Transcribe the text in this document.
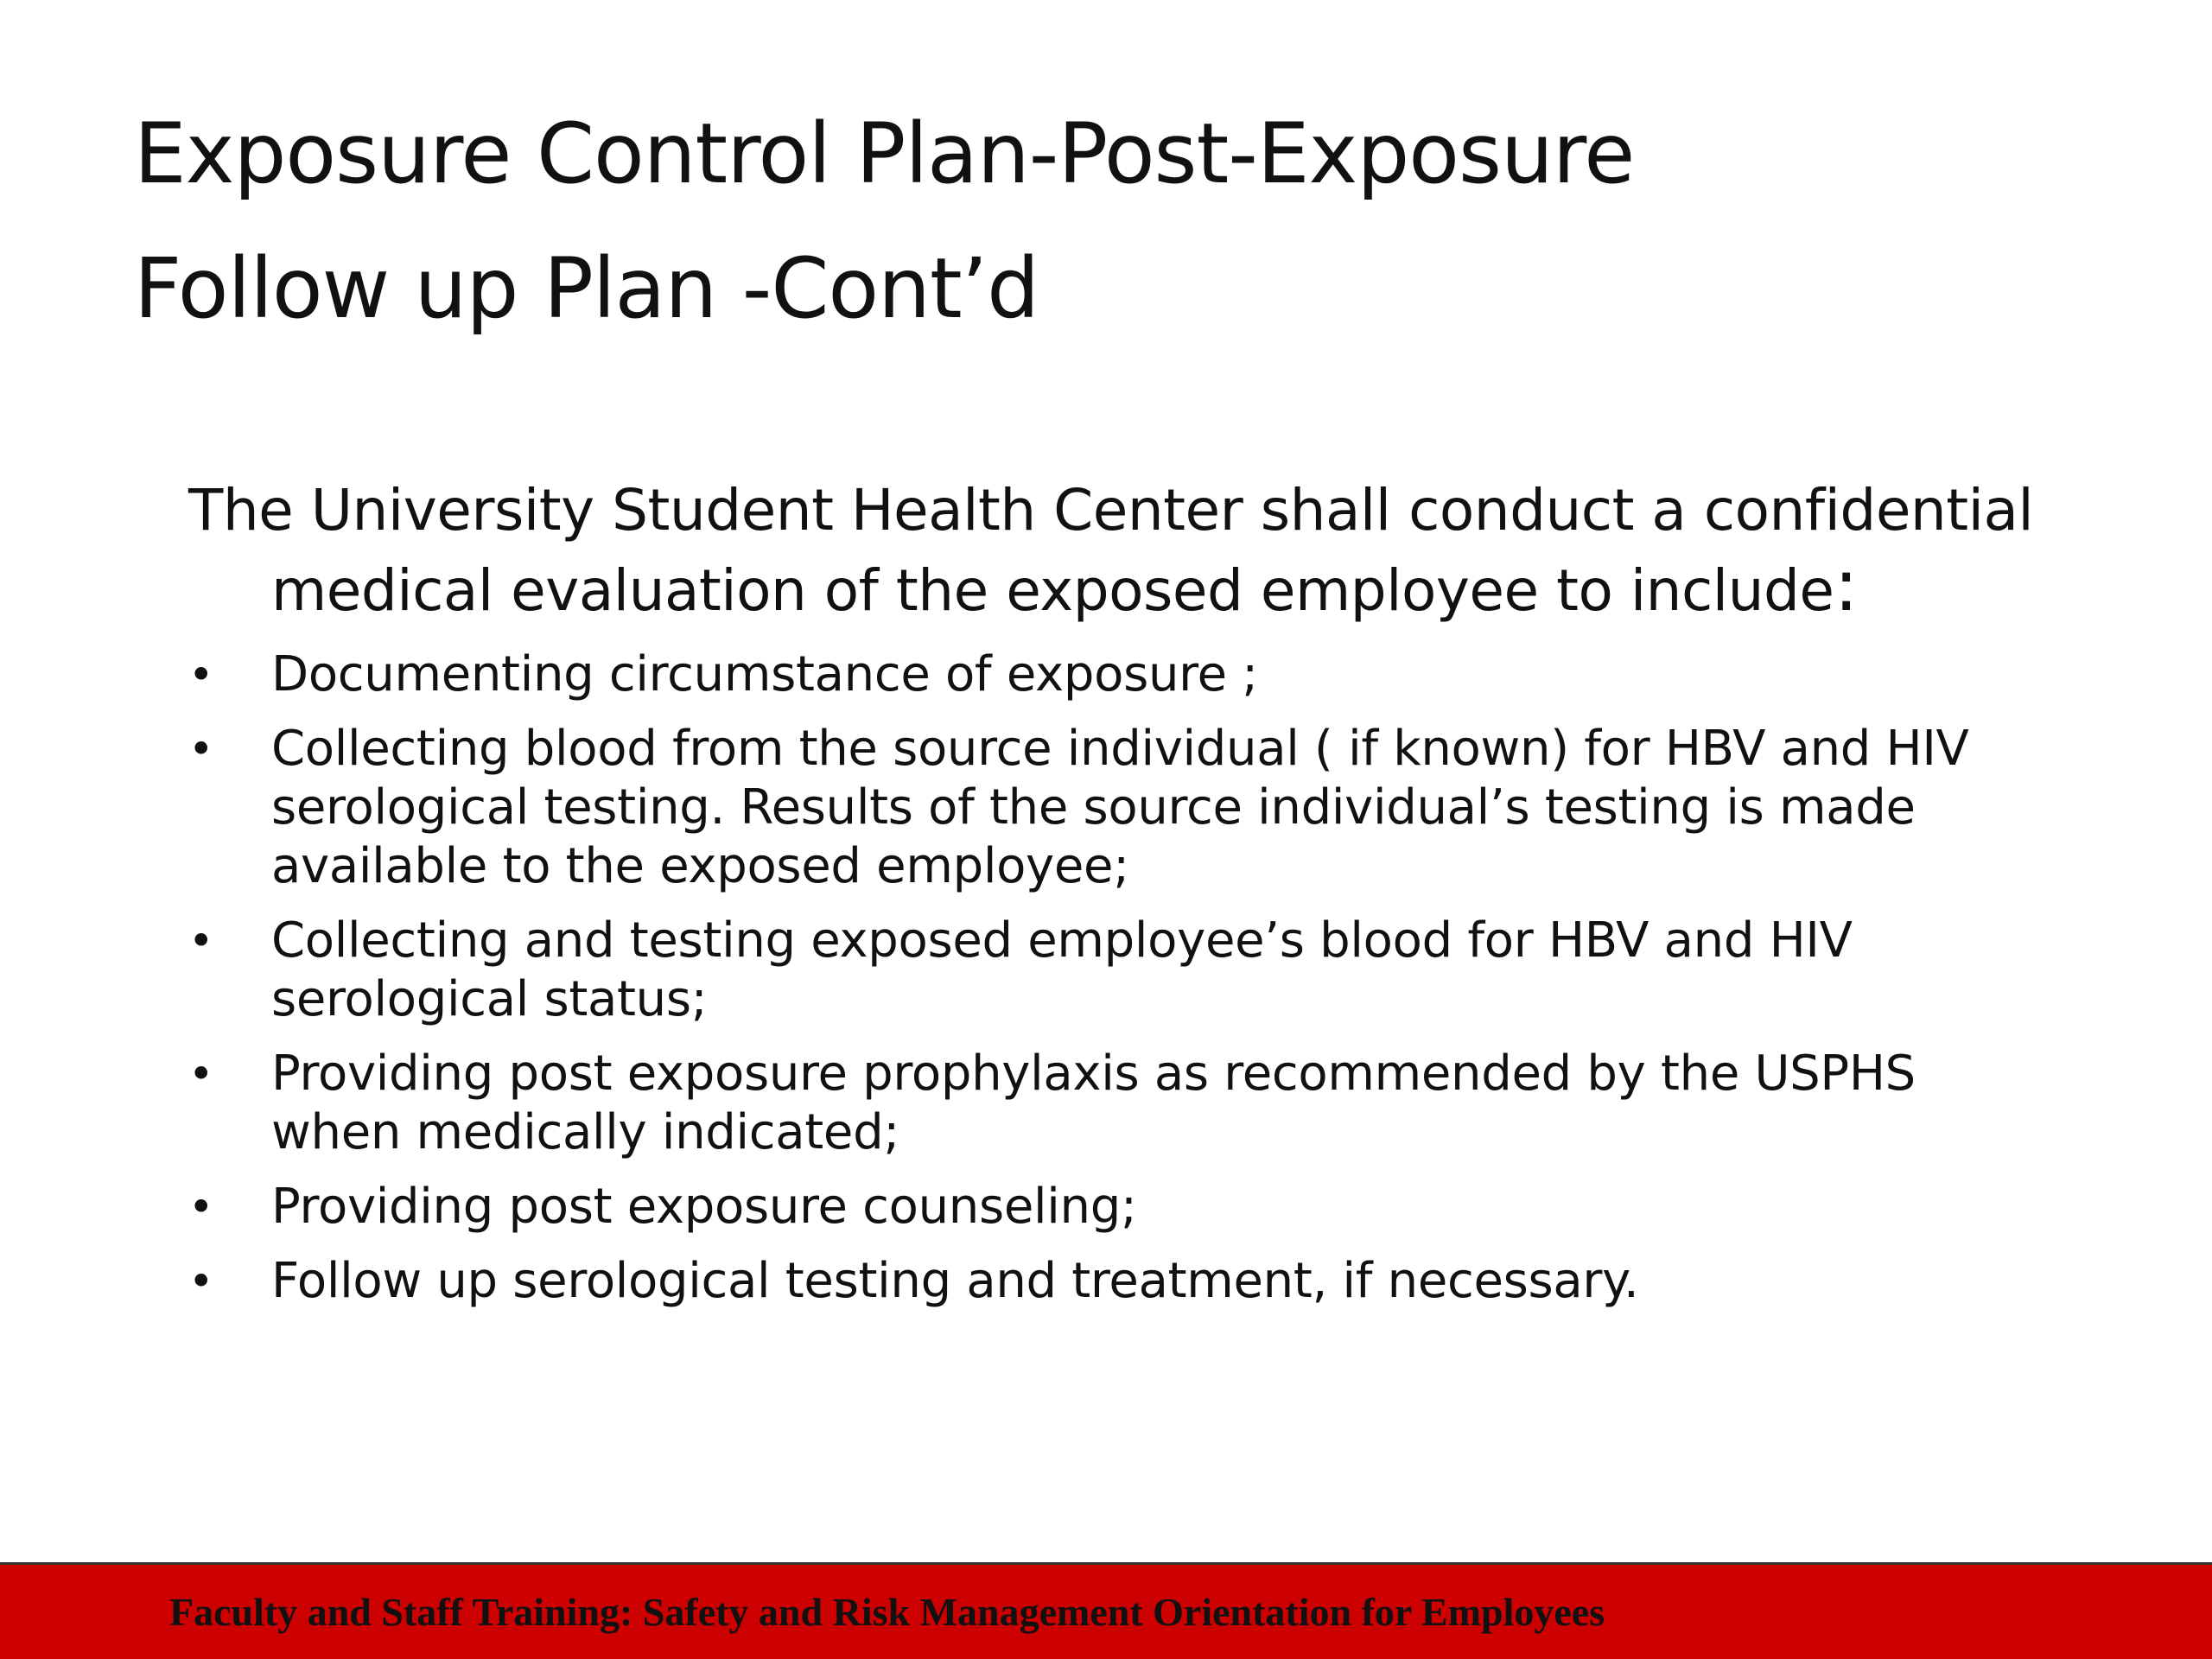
Exposure Control Plan-Post-Exposure
Follow up Plan -Cont’d

The University Student Health Center shall conduct a confidential medical evaluation of the exposed employee to include:

• Documenting circumstance of exposure ;
• Collecting blood from the source individual ( if known) for HBV and HIV serological testing. Results of the source individual’s testing is made available to the exposed employee;
• Collecting and testing exposed employee’s blood for HBV and HIV serological status;
• Providing post exposure prophylaxis as recommended by the USPHS when medically indicated;
• Providing post exposure counseling;
• Follow up serological testing and treatment, if necessary.
Faculty and Staff Training: Safety and Risk Management Orientation for Employees
